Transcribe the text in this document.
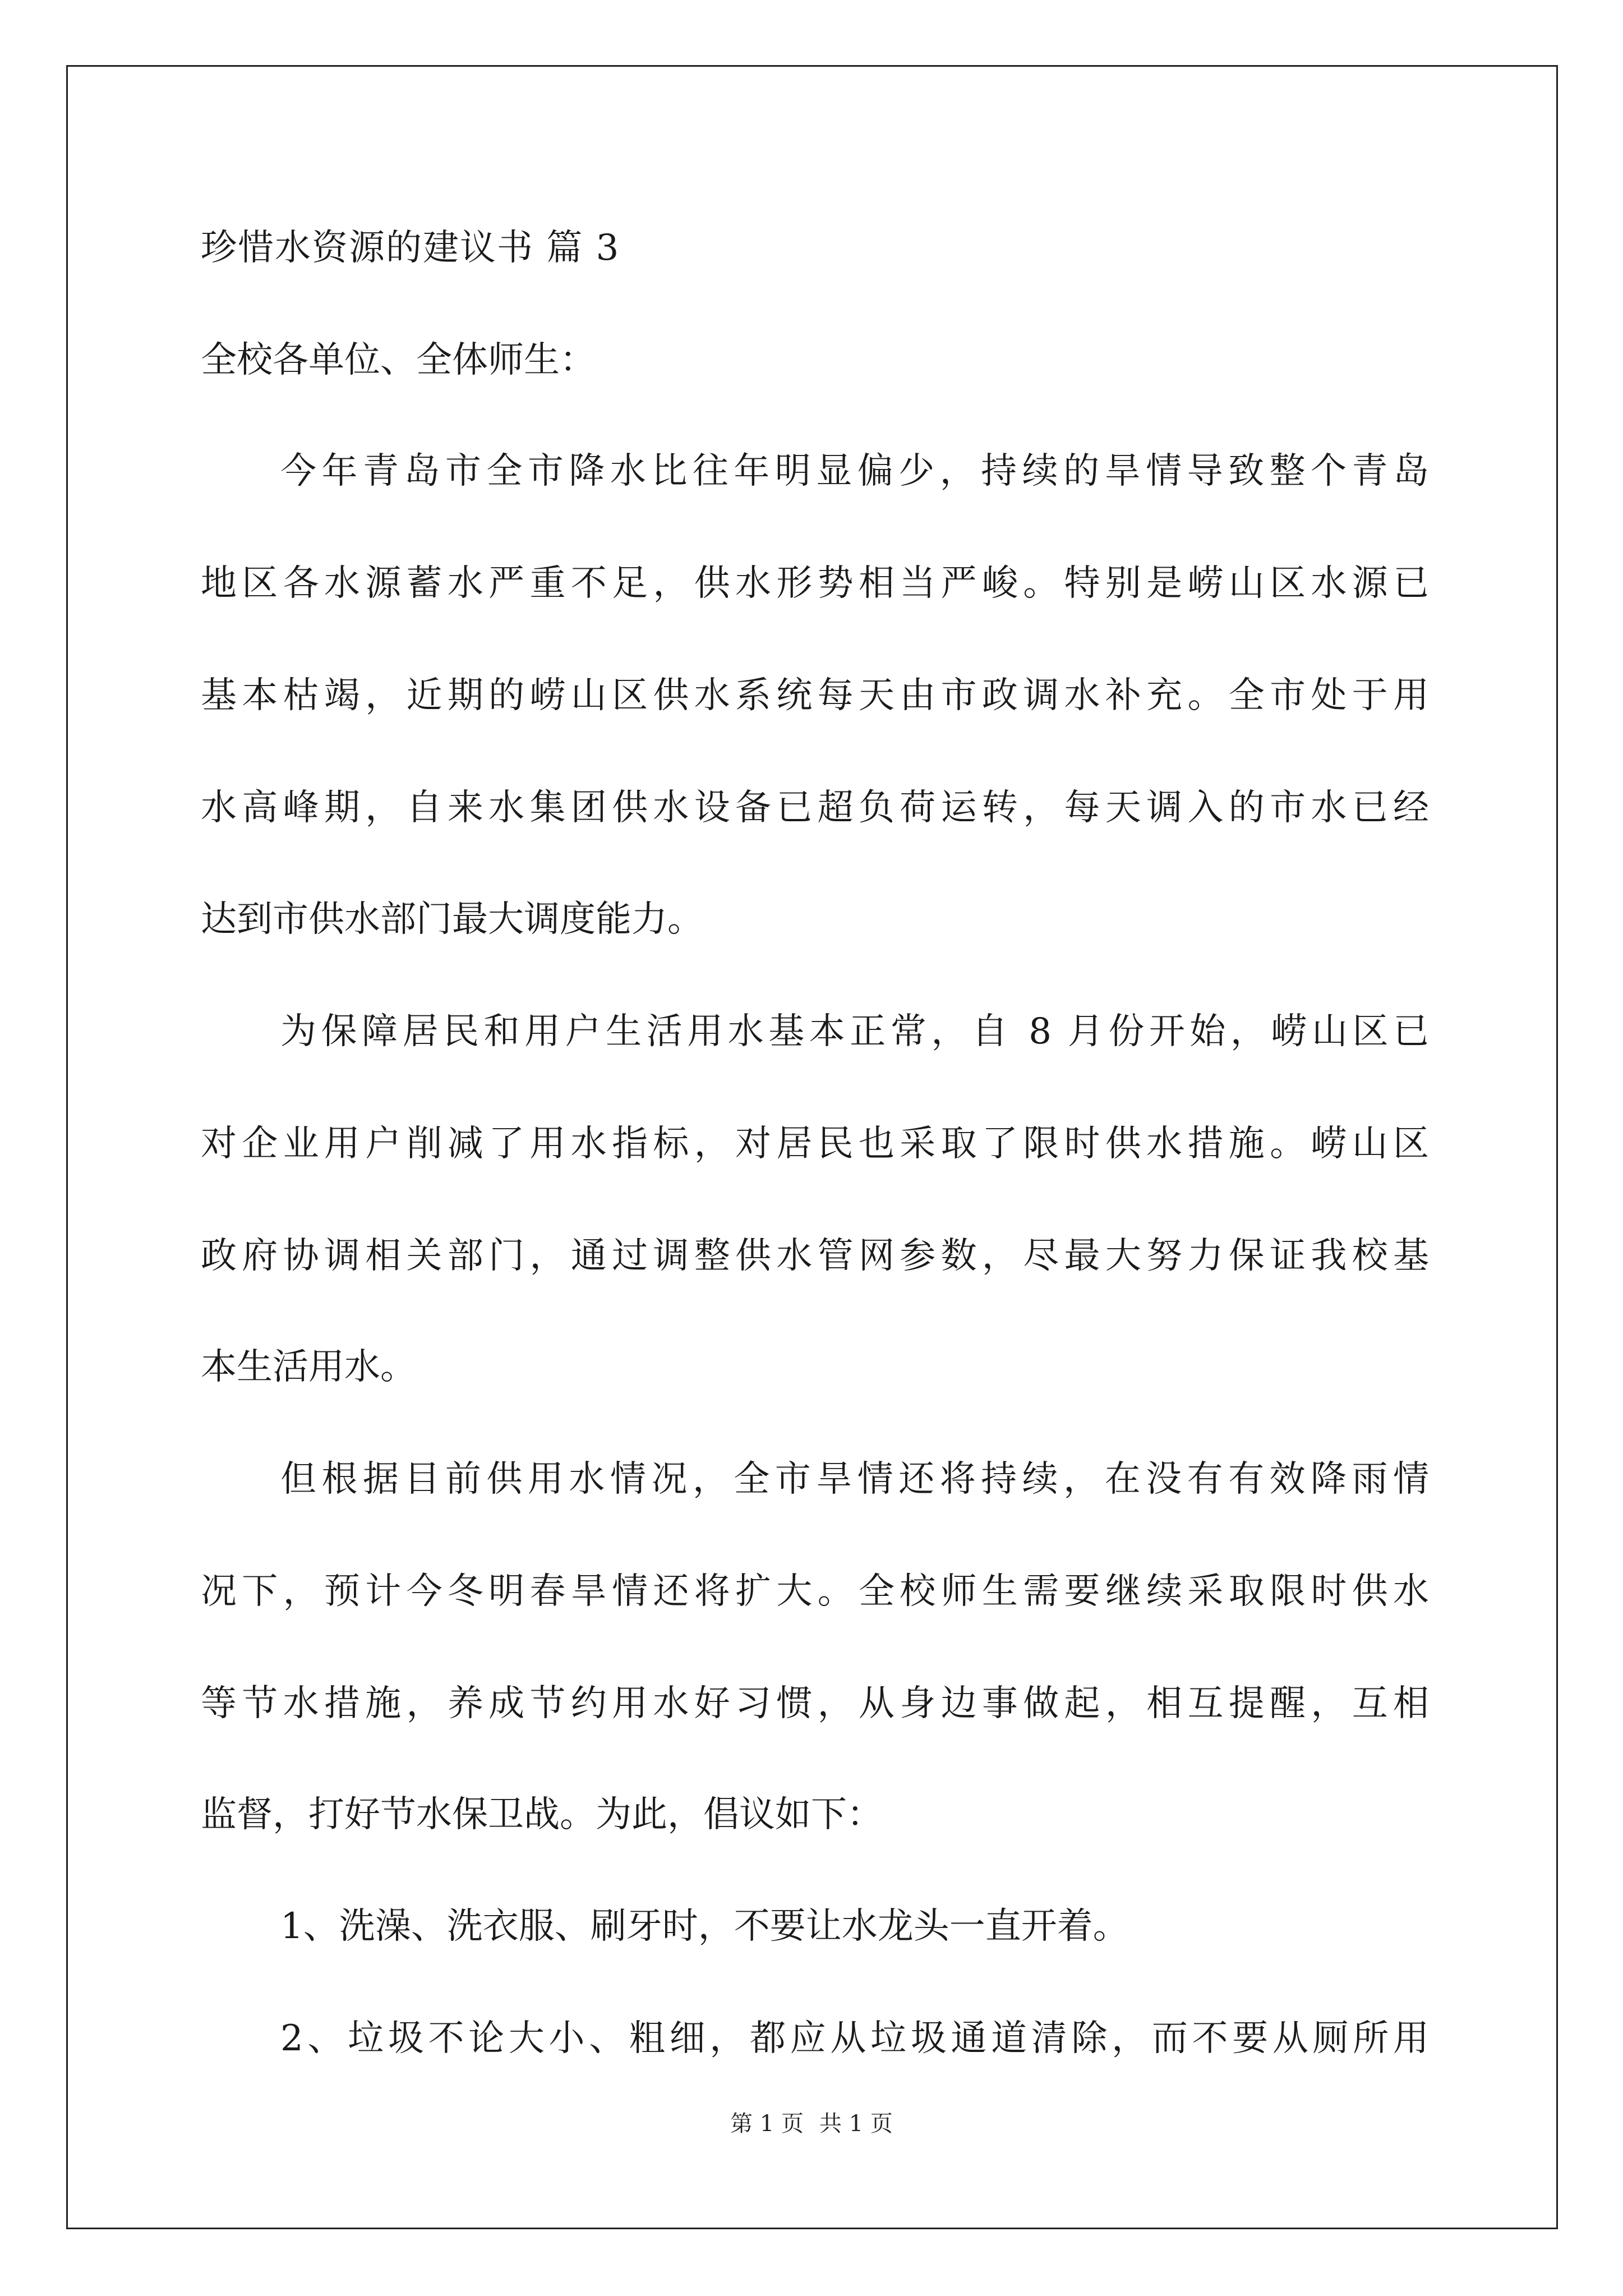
珍惜水资源的建议书 篇 3
全校各单位、全体师生：
今年青岛市全市降水比往年明显偏少，持续的旱情导致整个青岛
地区各水源蓄水严重不足，供水形势相当严峻。特别是崂山区水源已
基本枯竭，近期的崂山区供水系统每天由市政调水补充。全市处于用
水高峰期，自来水集团供水设备已超负荷运转，每天调入的市水已经
达到市供水部门最大调度能力。
为保障居民和用户生活用水基本正常，自 8 月份开始，崂山区已
对企业用户削减了用水指标，对居民也采取了限时供水措施。崂山区
政府协调相关部门，通过调整供水管网参数，尽最大努力保证我校基
本生活用水。
但根据目前供用水情况，全市旱情还将持续，在没有有效降雨情
况下，预计今冬明春旱情还将扩大。全校师生需要继续采取限时供水
等节水措施，养成节约用水好习惯，从身边事做起，相互提醒，互相
监督，打好节水保卫战。为此，倡议如下：
1、洗澡、洗衣服、刷牙时，不要让水龙头一直开着。
2、垃圾不论大小、粗细，都应从垃圾通道清除，而不要从厕所用
第 1 页 共 1 页
